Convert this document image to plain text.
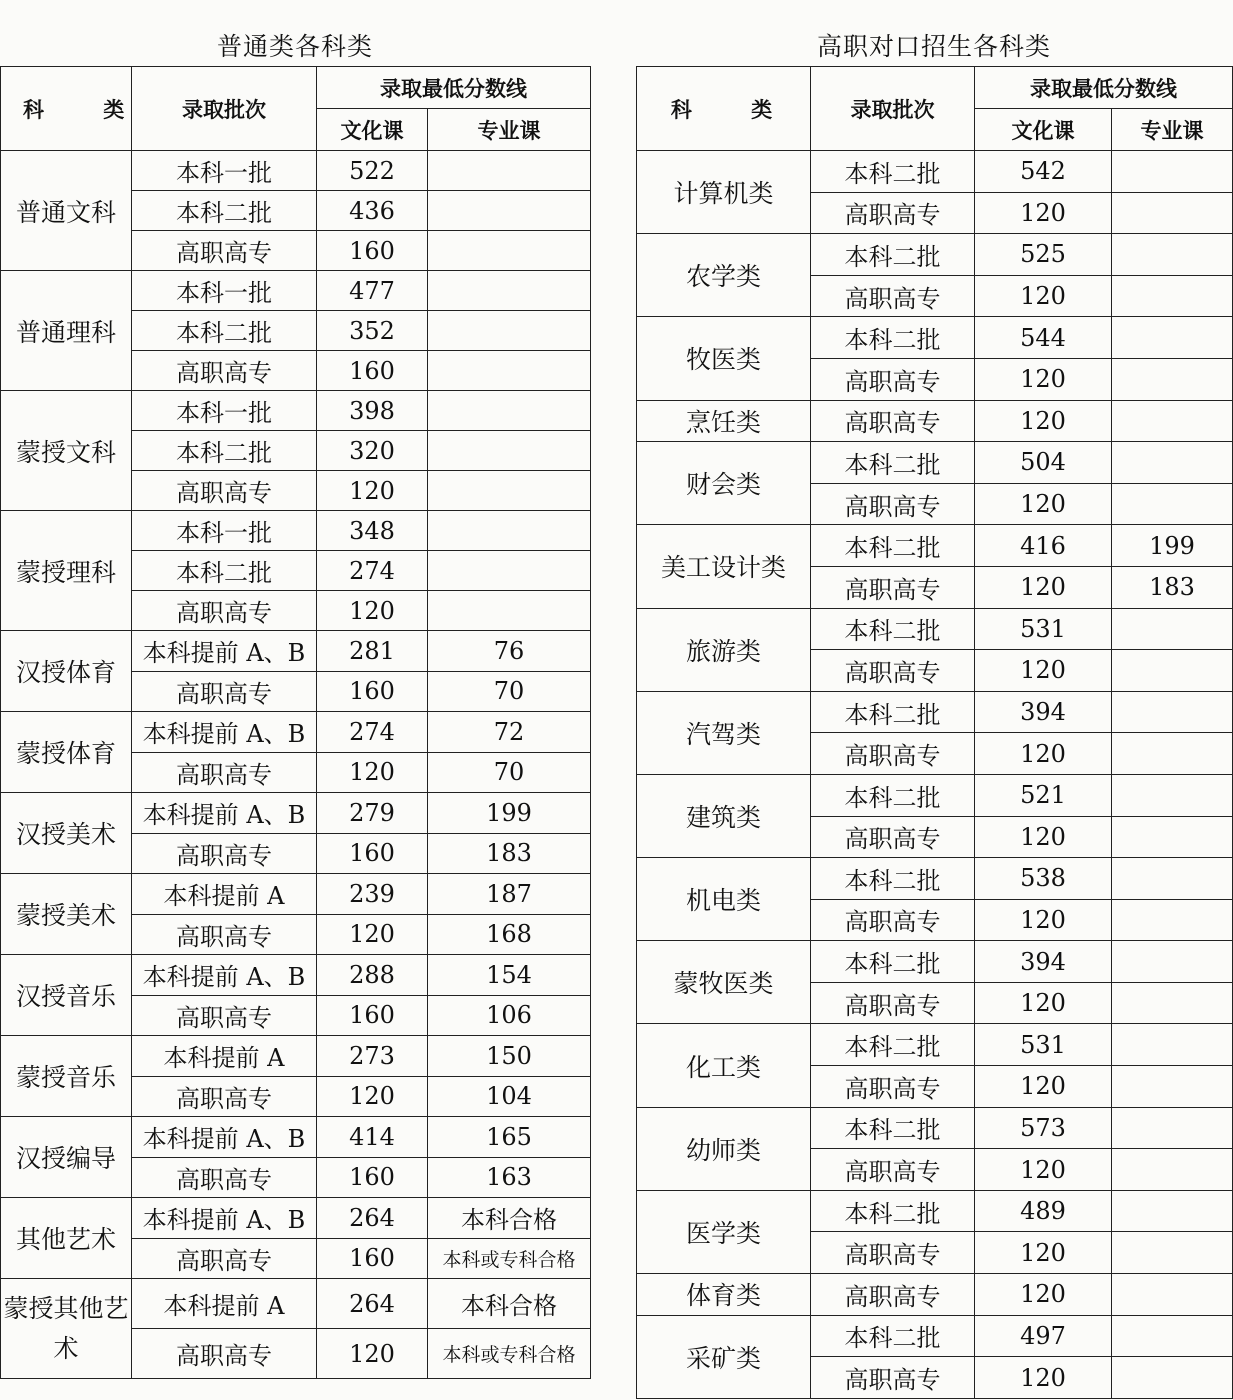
普通类各科类
科 类	录取批次	录取最低分数线	
		文化课	专业课
普通文科	本科一批	522	
	本科二批	436	
	高职高专	160	
普通理科	本科一批	477	
	本科二批	352	
	高职高专	160	
蒙授文科	本科一批	398	
	本科二批	320	
	高职高专	120	
蒙授理科	本科一批	348	
	本科二批	274	
	高职高专	120	
汉授体育	本科提前 A、B	281	76
	高职高专	160	70
蒙授体育	本科提前 A、B	274	72
	高职高专	120	70
汉授美术	本科提前 A、B	279	199
	高职高专	160	183
蒙授美术	本科提前 A	239	187
	高职高专	120	168
汉授音乐	本科提前 A、B	288	154
	高职高专	160	106
蒙授音乐	本科提前 A	273	150
	高职高专	120	104
汉授编导	本科提前 A、B	414	165
	高职高专	160	163
其他艺术	本科提前 A、B	264	本科合格
	高职高专	160	本科或专科合格
蒙授其他艺术	本科提前 A	264	本科合格
	高职高专	120	本科或专科合格
高职对口招生各科类
科 类	录取批次	录取最低分数线	
		文化课	专业课
计算机类	本科二批	542	
	高职高专	120	
农学类	本科二批	525	
	高职高专	120	
牧医类	本科二批	544	
	高职高专	120	
烹饪类	高职高专	120	
财会类	本科二批	504	
	高职高专	120	
美工设计类	本科二批	416	199
	高职高专	120	183
旅游类	本科二批	531	
	高职高专	120	
汽驾类	本科二批	394	
	高职高专	120	
建筑类	本科二批	521	
	高职高专	120	
机电类	本科二批	538	
	高职高专	120	
蒙牧医类	本科二批	394	
	高职高专	120	
化工类	本科二批	531	
	高职高专	120	
幼师类	本科二批	573	
	高职高专	120	
医学类	本科二批	489	
	高职高专	120	
体育类	高职高专	120	
采矿类	本科二批	497	
	高职高专	120	
